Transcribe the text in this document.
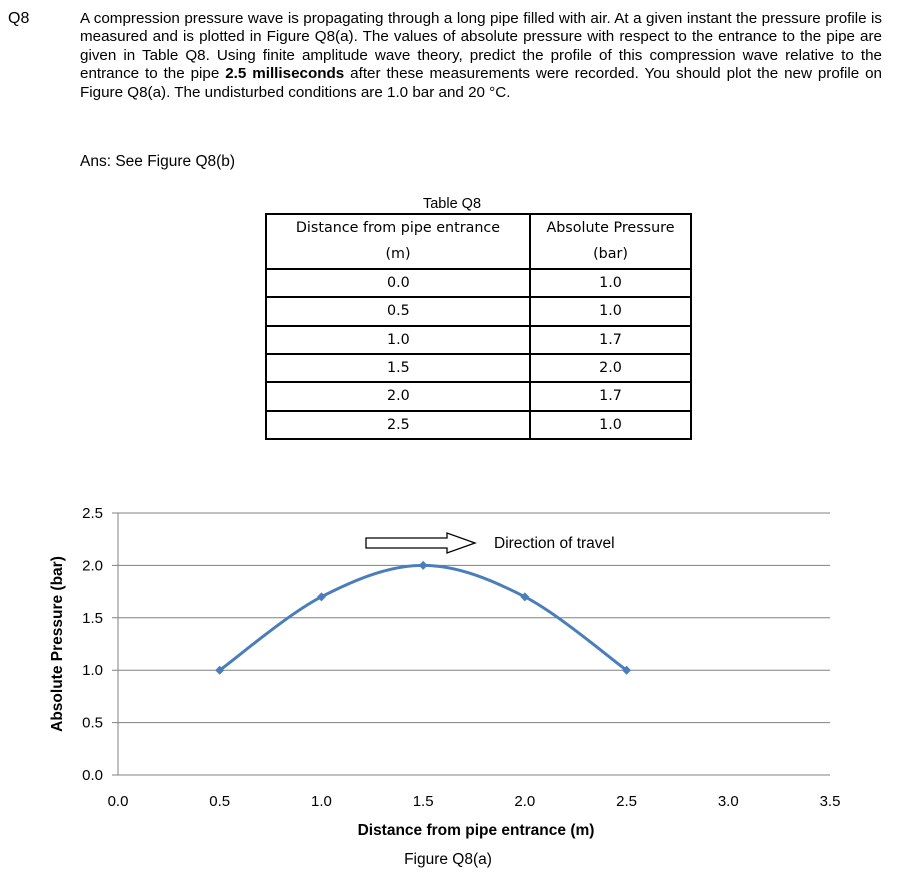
Q8	A compression pressure wave is propagating through a long pipe filled with air. At a given instant the pressure profile is measured and is plotted in Figure Q8(a). The values of absolute pressure with respect to the entrance to the pipe are given in Table Q8. Using finite amplitude wave theory, predict the profile of this compression wave relative to the entrance to the pipe 2.5 milliseconds after these measurements were recorded. You should plot the new profile on Figure Q8(a). The undisturbed conditions are 1.0 bar and 20 °C.
Ans: See Figure Q8(b)
Table Q8
Distance from pipe entrance	Absolute Pressure
(m)	(bar)
0.0	1.0
0.5	1.0
1.0	1.7
1.5	2.0
2.0	1.7
2.5	1.0
0.0
0.5
1.0
1.5
2.0
2.5
0.0	0.5	1.0	1.5	2.0	2.5	3.0	3.5
Direction of travel
Distance from pipe entrance (m)
Absolute Pressure (bar)
Figure Q8(a)
